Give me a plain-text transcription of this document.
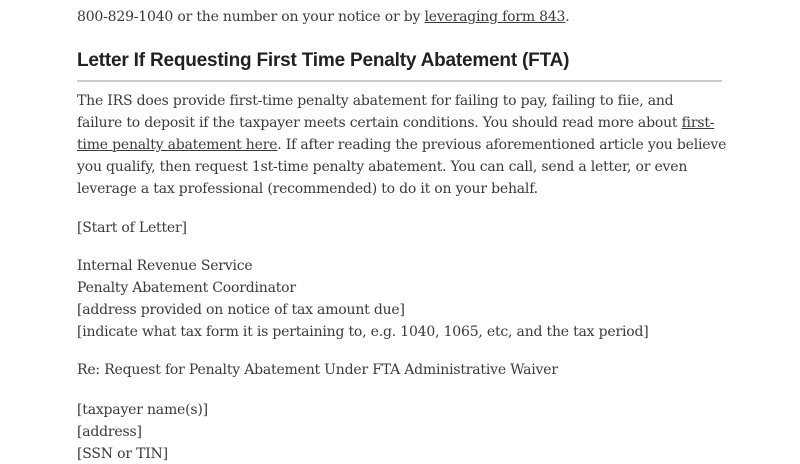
800-829-1040 or the number on your notice or by leveraging form 843.
Letter If Requesting First Time Penalty Abatement (FTA)
The IRS does provide first-time penalty abatement for failing to pay, failing to fiie, and
failure to deposit if the taxpayer meets certain conditions. You should read more about first-
time penalty abatement here. If after reading the previous aforementioned article you believe
you qualify, then request 1st-time penalty abatement. You can call, send a letter, or even
leverage a tax professional (recommended) to do it on your behalf.
[Start of Letter]
Internal Revenue Service
Penalty Abatement Coordinator
[address provided on notice of tax amount due]
[indicate what tax form it is pertaining to, e.g. 1040, 1065, etc, and the tax period]
Re: Request for Penalty Abatement Under FTA Administrative Waiver
[taxpayer name(s)]
[address]
[SSN or TIN]
